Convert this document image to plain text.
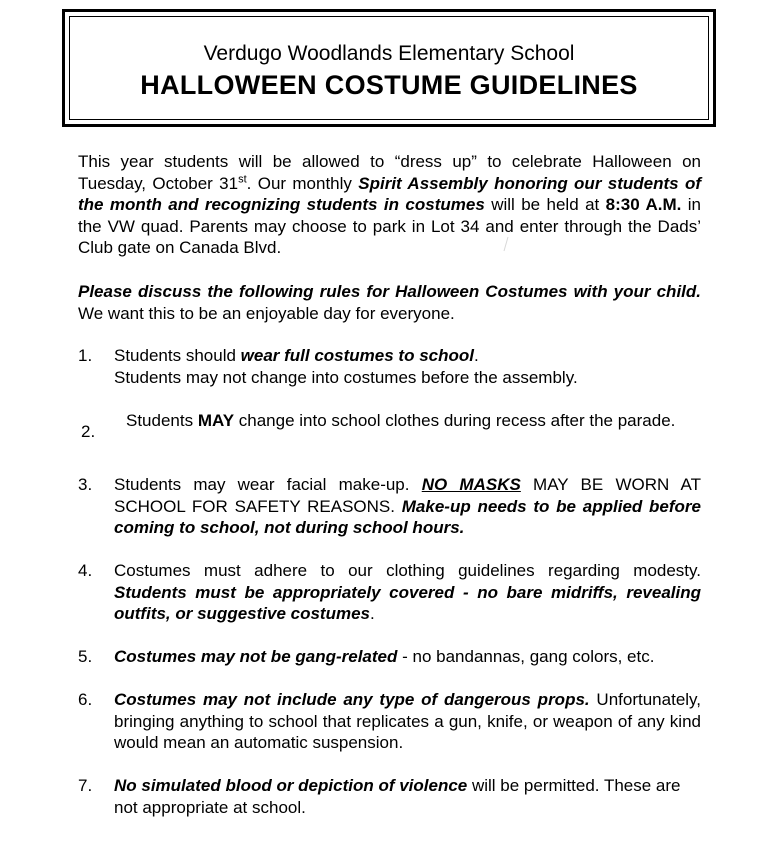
Verdugo Woodlands Elementary School
HALLOWEEN COSTUME GUIDELINES

This year students will be allowed to “dress up” to celebrate Halloween on Tuesday, October 31st. Our monthly Spirit Assembly honoring our students of the month and recognizing students in costumes will be held at 8:30 A.M. in the VW quad. Parents may choose to park in Lot 34 and enter through the Dads’ Club gate on Canada Blvd.

Please discuss the following rules for Halloween Costumes with your child. We want this to be an enjoyable day for everyone.

1. Students should wear full costumes to school.
Students may not change into costumes before the assembly.

2.

Students MAY change into school clothes during recess after the parade.

3. Students may wear facial make-up. NO MASKS MAY BE WORN AT SCHOOL FOR SAFETY REASONS. Make-up needs to be applied before coming to school, not during school hours.

4. Costumes must adhere to our clothing guidelines regarding modesty. Students must be appropriately covered - no bare midriffs, revealing outfits, or suggestive costumes.

5. Costumes may not be gang-related - no bandannas, gang colors, etc.

6. Costumes may not include any type of dangerous props. Unfortunately, bringing anything to school that replicates a gun, knife, or weapon of any kind would mean an automatic suspension.

7. No simulated blood or depiction of violence will be permitted. These are not appropriate at school.
